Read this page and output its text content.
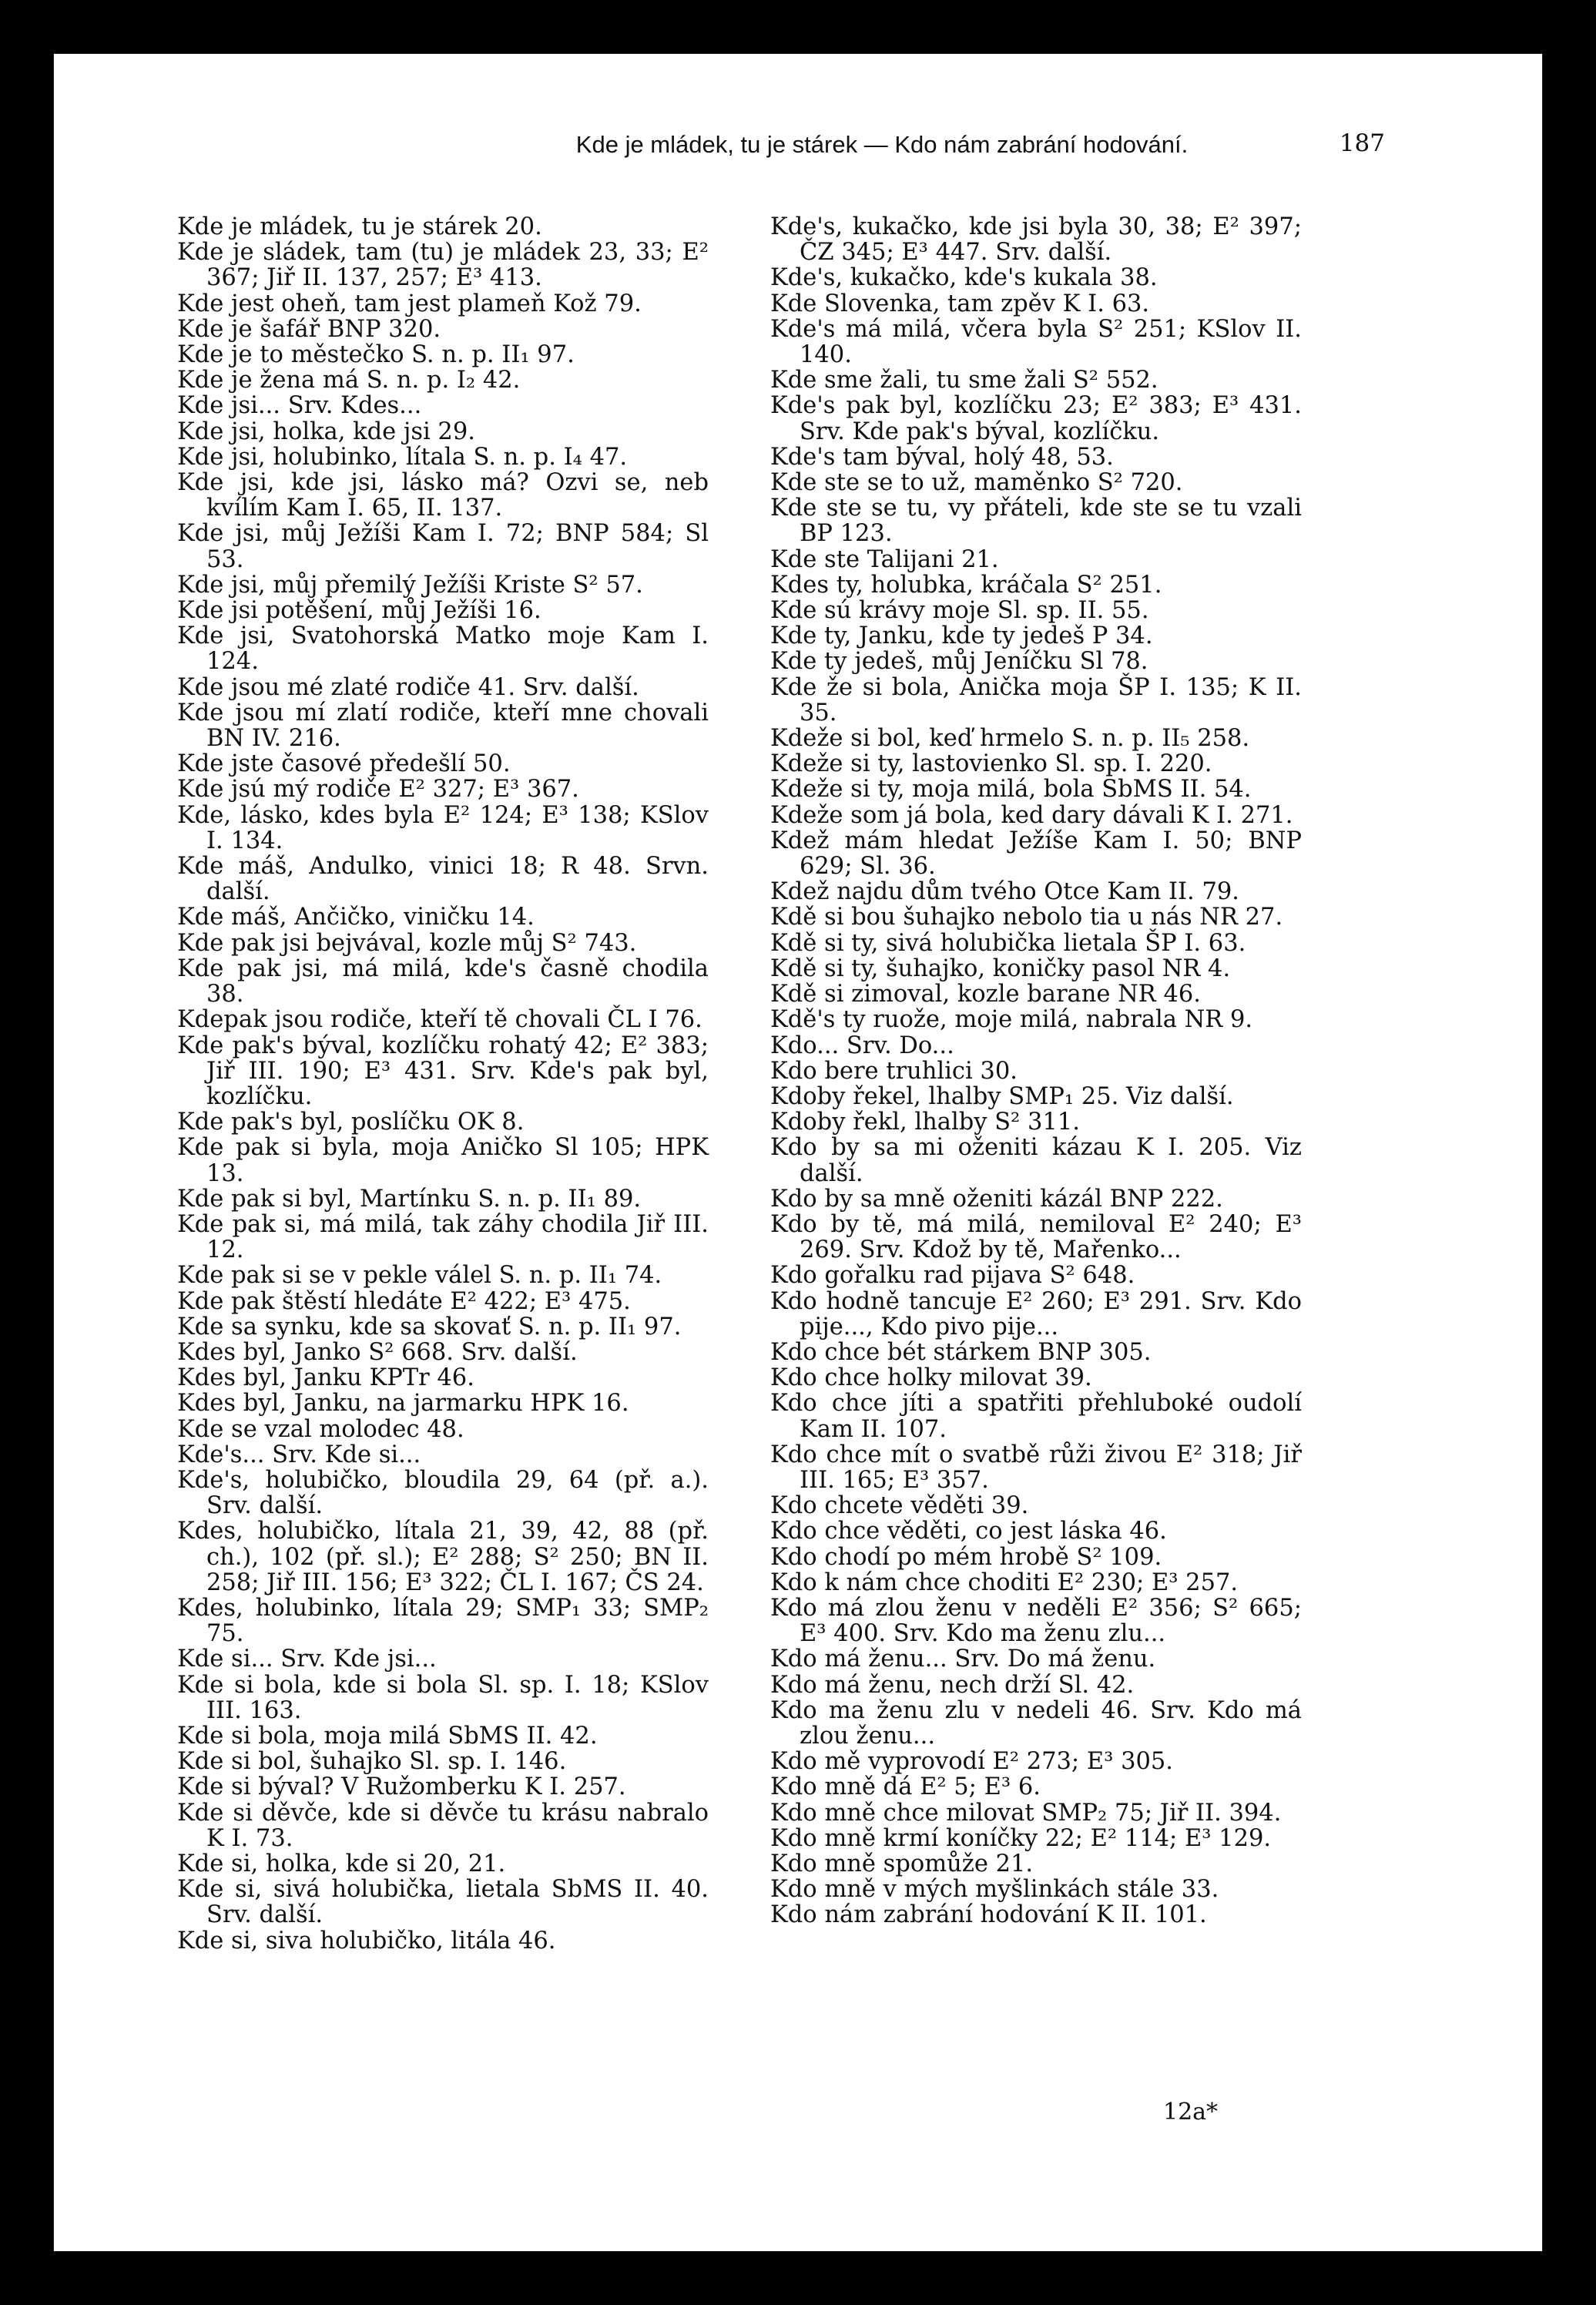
Kde je mládek, tu je stárek — Kdo nám zabrání hodování.	187
Kde je mládek, tu je stárek 20.
Kde je sládek, tam (tu) je mládek 23, 33; E² 367; Jiř II. 137, 257; E³ 413.
Kde jest oheň, tam jest plameň Kož 79.
Kde je šafář BNP 320.
Kde je to městečko S. n. p. II₁ 97.
Kde je žena má S. n. p. I₂ 42.
Kde jsi... Srv. Kdes...
Kde jsi, holka, kde jsi 29.
Kde jsi, holubinko, lítala S. n. p. I₄ 47.
Kde jsi, kde jsi, lásko má? Ozvi se, neb kvílím Kam I. 65, II. 137.
Kde jsi, můj Ježíši Kam I. 72; BNP 584; Sl 53.
Kde jsi, můj přemilý Ježíši Kriste S² 57.
Kde jsi potěšení, můj Ježíši 16.
Kde jsi, Svatohorská Matko moje Kam I. 124.
Kde jsou mé zlaté rodiče 41. Srv. další.
Kde jsou mí zlatí rodiče, kteří mne chovali BN IV. 216.
Kde jste časové předešlí 50.
Kde jsú mý rodiče E² 327; E³ 367.
Kde, lásko, kdes byla E² 124; E³ 138; KSlov I. 134.
Kde máš, Andulko, vinici 18; R 48. Srvn. další.
Kde máš, Ančičko, viničku 14.
Kde pak jsi bejvával, kozle můj S² 743.
Kde pak jsi, má milá, kde's časně chodila 38.
Kdepak jsou rodiče, kteří tě chovali ČL I 76.
Kde pak's býval, kozlíčku rohatý 42; E² 383; Jiř III. 190; E³ 431. Srv. Kde's pak byl, kozlíčku.
Kde pak's byl, poslíčku OK 8.
Kde pak si byla, moja Aničko Sl 105; HPK 13.
Kde pak si byl, Martínku S. n. p. II₁ 89.
Kde pak si, má milá, tak záhy chodila Jiř III. 12.
Kde pak si se v pekle válel S. n. p. II₁ 74.
Kde pak štěstí hledáte E² 422; E³ 475.
Kde sa synku, kde sa skovať S. n. p. II₁ 97.
Kdes byl, Janko S² 668. Srv. další.
Kdes byl, Janku KPTr 46.
Kdes byl, Janku, na jarmarku HPK 16.
Kde se vzal molodec 48.
Kde's... Srv. Kde si...
Kde's, holubičko, bloudila 29, 64 (př. a.). Srv. další.
Kdes, holubičko, lítala 21, 39, 42, 88 (př. ch.), 102 (př. sl.); E² 288; S² 250; BN II. 258; Jiř III. 156; E³ 322; ČL I. 167; ČS 24.
Kdes, holubinko, lítala 29; SMP₁ 33; SMP₂ 75.
Kde si... Srv. Kde jsi...
Kde si bola, kde si bola Sl. sp. I. 18; KSlov III. 163.
Kde si bola, moja milá SbMS II. 42.
Kde si bol, šuhajko Sl. sp. I. 146.
Kde si býval? V Ružomberku K I. 257.
Kde si děvče, kde si děvče tu krásu nabralo K I. 73.
Kde si, holka, kde si 20, 21.
Kde si, sivá holubička, lietala SbMS II. 40. Srv. další.
Kde si, siva holubičko, litála 46.
Kde's, kukačko, kde jsi byla 30, 38; E² 397; ČZ 345; E³ 447. Srv. další.
Kde's, kukačko, kde's kukala 38.
Kde Slovenka, tam zpěv K I. 63.
Kde's má milá, včera byla S² 251; KSlov II. 140.
Kde sme žali, tu sme žali S² 552.
Kde's pak byl, kozlíčku 23; E² 383; E³ 431. Srv. Kde pak's býval, kozlíčku.
Kde's tam býval, holý 48, 53.
Kde ste se to už, maměnko S² 720.
Kde ste se tu, vy přáteli, kde ste se tu vzali BP 123.
Kde ste Talijani 21.
Kdes ty, holubka, kráčala S² 251.
Kde sú krávy moje Sl. sp. II. 55.
Kde ty, Janku, kde ty jedeš P 34.
Kde ty jedeš, můj Jeníčku Sl 78.
Kde že si bola, Anička moja ŠP I. 135; K II. 35.
Kdeže si bol, keď hrmelo S. n. p. II₅ 258.
Kdeže si ty, lastovienko Sl. sp. I. 220.
Kdeže si ty, moja milá, bola SbMS II. 54.
Kdeže som já bola, ked dary dávali K I. 271.
Kdež mám hledat Ježíše Kam I. 50; BNP 629; Sl. 36.
Kdež najdu dům tvého Otce Kam II. 79.
Kdě si bou šuhajko nebolo tia u nás NR 27.
Kdě si ty, sivá holubička lietala ŠP I. 63.
Kdě si ty, šuhajko, koničky pasol NR 4.
Kdě si zimoval, kozle barane NR 46.
Kdě's ty ruože, moje milá, nabrala NR 9.
Kdo... Srv. Do...
Kdo bere truhlici 30.
Kdoby řekel, lhalby SMP₁ 25. Viz další.
Kdoby řekl, lhalby S² 311.
Kdo by sa mi oženiti kázau K I. 205. Viz další.
Kdo by sa mně oženiti kázál BNP 222.
Kdo by tě, má milá, nemiloval E² 240; E³ 269. Srv. Kdož by tě, Mařenko...
Kdo gořalku rad pijava S² 648.
Kdo hodně tancuje E² 260; E³ 291. Srv. Kdo pije..., Kdo pivo pije...
Kdo chce bét stárkem BNP 305.
Kdo chce holky milovat 39.
Kdo chce jíti a spatřiti přehluboké oudolí Kam II. 107.
Kdo chce mít o svatbě růži živou E² 318; Jiř III. 165; E³ 357.
Kdo chcete věděti 39.
Kdo chce věděti, co jest láska 46.
Kdo chodí po mém hrobě S² 109.
Kdo k nám chce choditi E² 230; E³ 257.
Kdo má zlou ženu v neděli E² 356; S² 665; E³ 400. Srv. Kdo ma ženu zlu...
Kdo má ženu... Srv. Do má ženu.
Kdo má ženu, nech drží Sl. 42.
Kdo ma ženu zlu v nedeli 46. Srv. Kdo má zlou ženu...
Kdo mě vyprovodí E² 273; E³ 305.
Kdo mně dá E² 5; E³ 6.
Kdo mně chce milovat SMP₂ 75; Jiř II. 394.
Kdo mně krmí koníčky 22; E² 114; E³ 129.
Kdo mně spomůže 21.
Kdo mně v mých myšlinkách stále 33.
Kdo nám zabrání hodování K II. 101.
12a*
